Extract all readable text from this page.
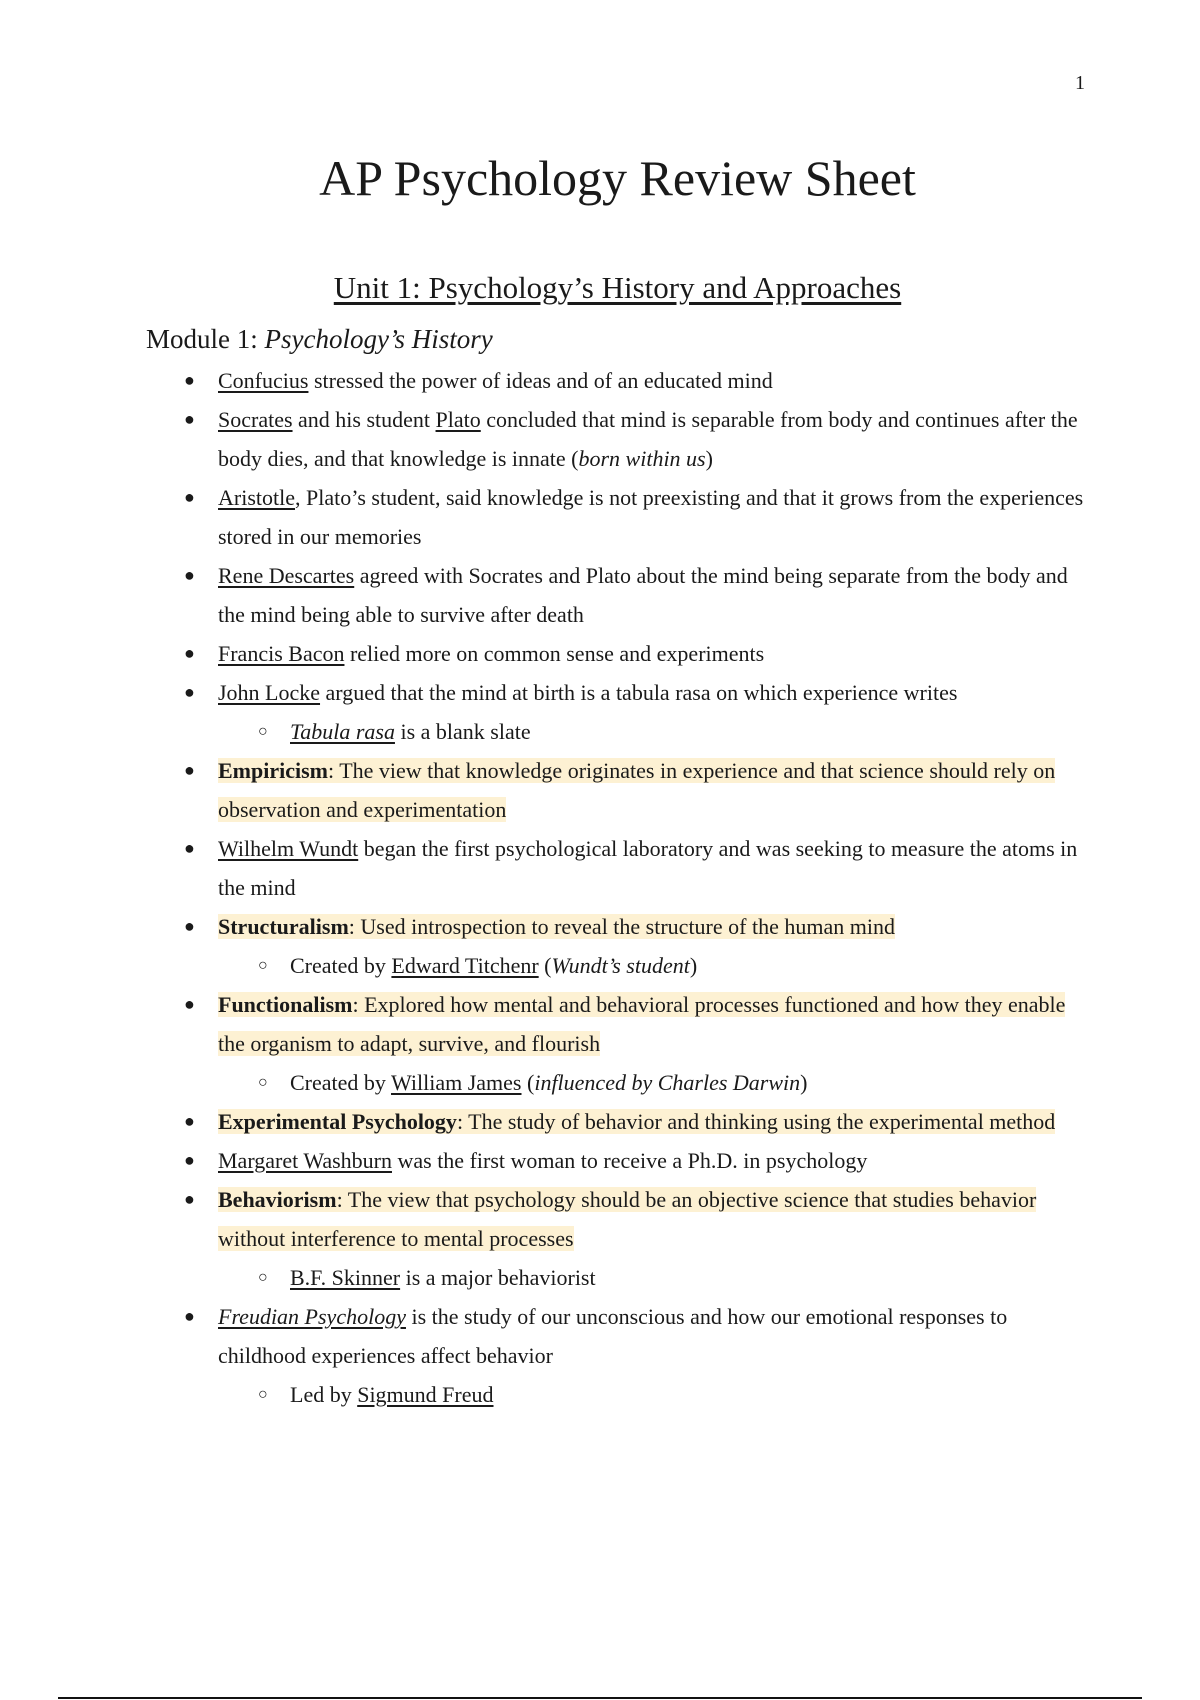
1
AP Psychology Review Sheet
Unit 1: Psychology’s History and Approaches
Module 1: Psychology’s History
● Confucius stressed the power of ideas and of an educated mind
● Socrates and his student Plato concluded that mind is separable from body and continues after the body dies, and that knowledge is innate (born within us)
● Aristotle, Plato’s student, said knowledge is not preexisting and that it grows from the experiences stored in our memories
● Rene Descartes agreed with Socrates and Plato about the mind being separate from the body and the mind being able to survive after death
● Francis Bacon relied more on common sense and experiments
● John Locke argued that the mind at birth is a tabula rasa on which experience writes
○ Tabula rasa is a blank slate
● Empiricism: The view that knowledge originates in experience and that science should rely on observation and experimentation
● Wilhelm Wundt began the first psychological laboratory and was seeking to measure the atoms in the mind
● Structuralism: Used introspection to reveal the structure of the human mind
○ Created by Edward Titchenr (Wundt’s student)
● Functionalism: Explored how mental and behavioral processes functioned and how they enable the organism to adapt, survive, and flourish
○ Created by William James (influenced by Charles Darwin)
● Experimental Psychology: The study of behavior and thinking using the experimental method
● Margaret Washburn was the first woman to receive a Ph.D. in psychology
● Behaviorism: The view that psychology should be an objective science that studies behavior without interference to mental processes
○ B.F. Skinner is a major behaviorist
● Freudian Psychology is the study of our unconscious and how our emotional responses to childhood experiences affect behavior
○ Led by Sigmund Freud
